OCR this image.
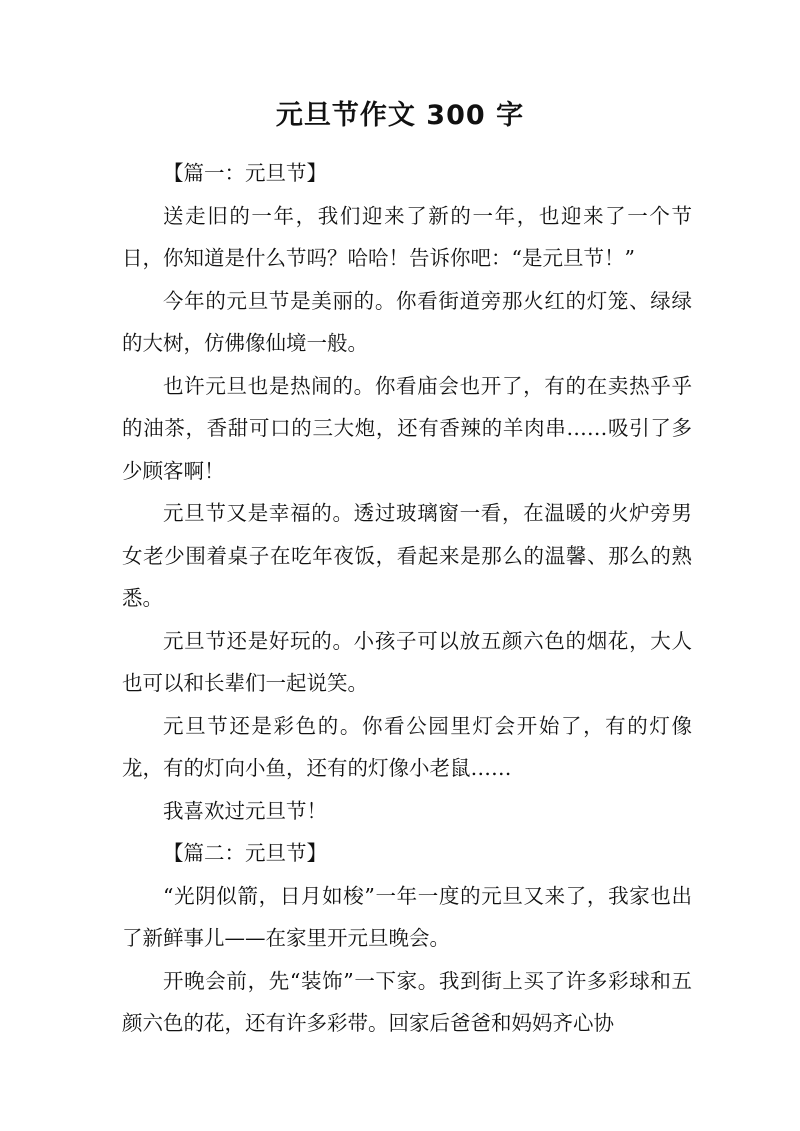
元旦节作文 300 字

【篇一：元旦节】

送走旧的一年，我们迎来了新的一年，也迎来了一个节日，你知道是什么节吗？哈哈！告诉你吧：“是元旦节！”

今年的元旦节是美丽的。你看街道旁那火红的灯笼、绿绿的大树，仿佛像仙境一般。

也许元旦也是热闹的。你看庙会也开了，有的在卖热乎乎的油茶，香甜可口的三大炮，还有香辣的羊肉串……吸引了多少顾客啊！

元旦节又是幸福的。透过玻璃窗一看，在温暖的火炉旁男女老少围着桌子在吃年夜饭，看起来是那么的温馨、那么的熟悉。

元旦节还是好玩的。小孩子可以放五颜六色的烟花，大人也可以和长辈们一起说笑。

元旦节还是彩色的。你看公园里灯会开始了，有的灯像龙，有的灯向小鱼，还有的灯像小老鼠……

我喜欢过元旦节！

【篇二：元旦节】

“光阴似箭，日月如梭”一年一度的元旦又来了，我家也出了新鲜事儿——在家里开元旦晚会。

开晚会前，先“装饰”一下家。我到街上买了许多彩球和五颜六色的花，还有许多彩带。回家后爸爸和妈妈齐心协
